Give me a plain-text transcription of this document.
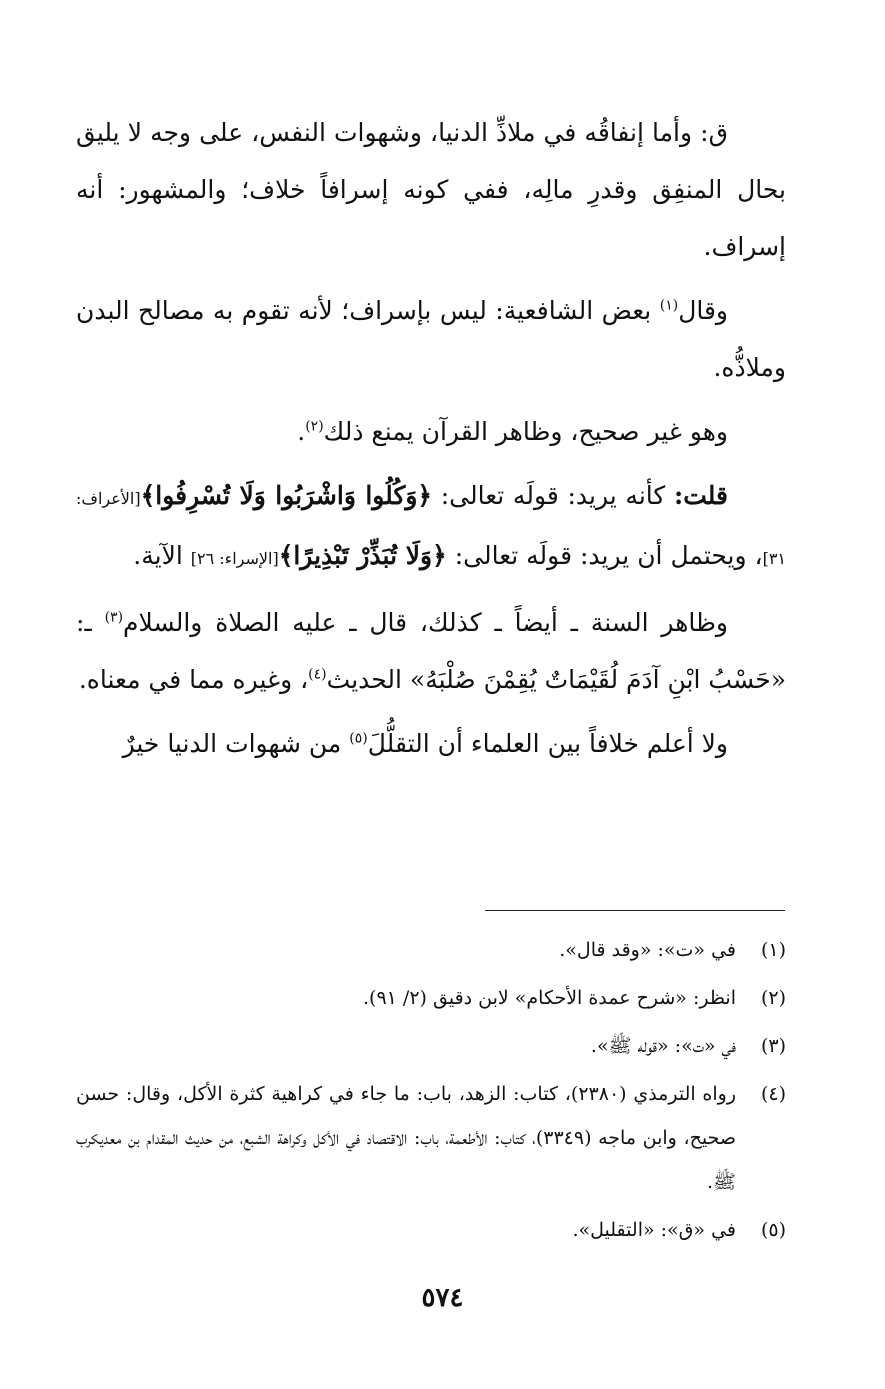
ق: وأما إنفاقُه في ملاذِّ الدنيا، وشهوات النفس، على وجه لا يليق بحال المنفِق وقدرِ مالِه، ففي كونه إسرافاً خلاف؛ والمشهور: أنه إسراف.

وقال$^{(١)}$ بعض الشافعية: ليس بإسراف؛ لأنه تقوم به مصالح البدن وملاذُّه.

وهو غير صحيح، وظاهر القرآن يمنع ذلك$^{(٢)}$.

قلت: كأنه يريد: قولَه تعالى: ﴿وَكُلُوا وَاشْرَبُوا وَلَا تُسْرِفُوا﴾[الأعراف: ٣١]، ويحتمل أن يريد: قولَه تعالى: ﴿وَلَا تُبَذِّرْ تَبْذِيرًا﴾[الإسراء: ٢٦] الآية.

وظاهر السنة ـ أيضاً ـ كذلك، قال ـ عليه الصلاة والسلام$^{(٣)}$ ـ: «حَسْبُ ابْنِ آدَمَ لُقَيْمَاتٌ يُقِمْنَ صُلْبَهُ» الحديث$^{(٤)}$، وغيره مما في معناه.

ولا أعلم خلافاً بين العلماء أن التقلُّلَ$^{(٥)}$ من شهوات الدنيا خيرٌ

(١)
في «ت»: «وقد قال».
(٢)
انظر: «شرح عمدة الأحكام» لابن دقيق (٢/ ٩١).
(٣)
في «ت»: «قوله ﷺ».
(٤)
رواه الترمذي (٢٣٨٠)، كتاب: الزهد، باب: ما جاء في كراهية كثرة الأكل، وقال: حسن صحيح، وابن ماجه (٣٣٤٩)، كتاب: الأطعمة، باب: الاقتصاد في الأكل وكراهة الشبع، من حديث المقدام بن معديكرب ﷺ.
(٥)
في «ق»: «التقليل».
٥٧٤
